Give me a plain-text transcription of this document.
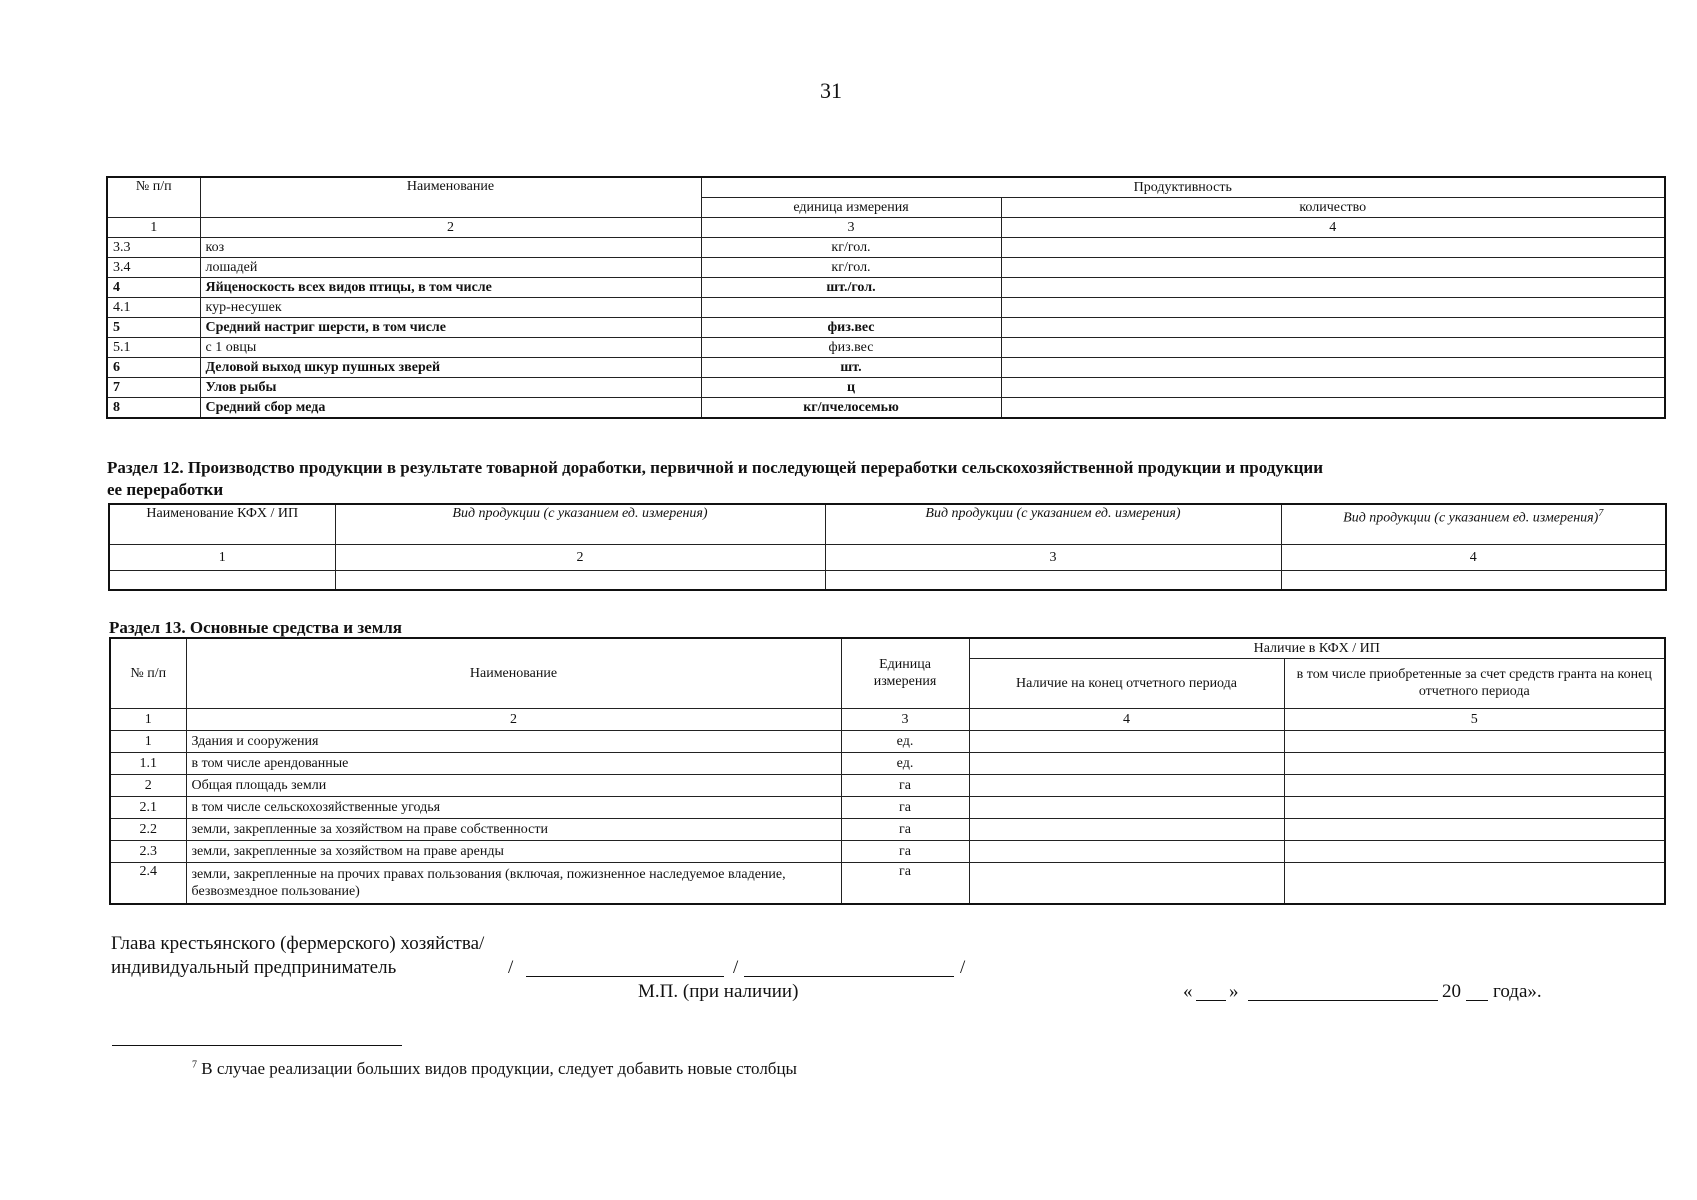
31
№ п/п	Наименование	Продуктивность	
		единица измерения	количество
1	2	3	4
3.3	коз	кг/гол.	
3.4	лошадей	кг/гол.	
4	Яйценоскость всех видов птицы, в том числе	шт./гол.	
4.1	кур-несушек		
5	Средний настриг шерсти, в том числе	физ.вес	
5.1	с 1 овцы	физ.вес	
6	Деловой выход шкур пушных зверей	шт.	
7	Улов рыбы	ц	
8	Средний сбор меда	кг/пчелосемью	
Раздел 12. Производство продукции в результате товарной доработки, первичной и последующей переработки сельскохозяйственной продукции и продукции
ее переработки
Наименование КФХ / ИП	Вид продукции (с указанием ед. измерения)	Вид продукции (с указанием ед. измерения)	Вид продукции (с указанием ед. измерения)$^7$
1	2	3	4

Раздел 13. Основные средства и земля
№ п/п	Наименование	Единица измерения	Наличие в КФХ / ИП	
			Наличие на конец отчетного периода	в том числе приобретенные за счет средств гранта на конец отчетного периода
1	2	3	4	5
1	Здания и сооружения	ед.		
1.1	в том числе арендованные	ед.		
2	Общая площадь земли	га		
2.1	в том числе сельскохозяйственные угодья	га		
2.2	земли, закрепленные за хозяйством на праве собственности	га		
2.3	земли, закрепленные за хозяйством на праве аренды	га		
2.4	земли, закрепленные на прочих правах пользования (включая, пожизненное наследуемое владение, безвозмездное пользование)	га		
Глава крестьянского (фермерского) хозяйства/
индивидуальный предприниматель	/	/	/
М.П. (при наличии)	« »	20 года».
$^7$ В случае реализации больших видов продукции, следует добавить новые столбцы
